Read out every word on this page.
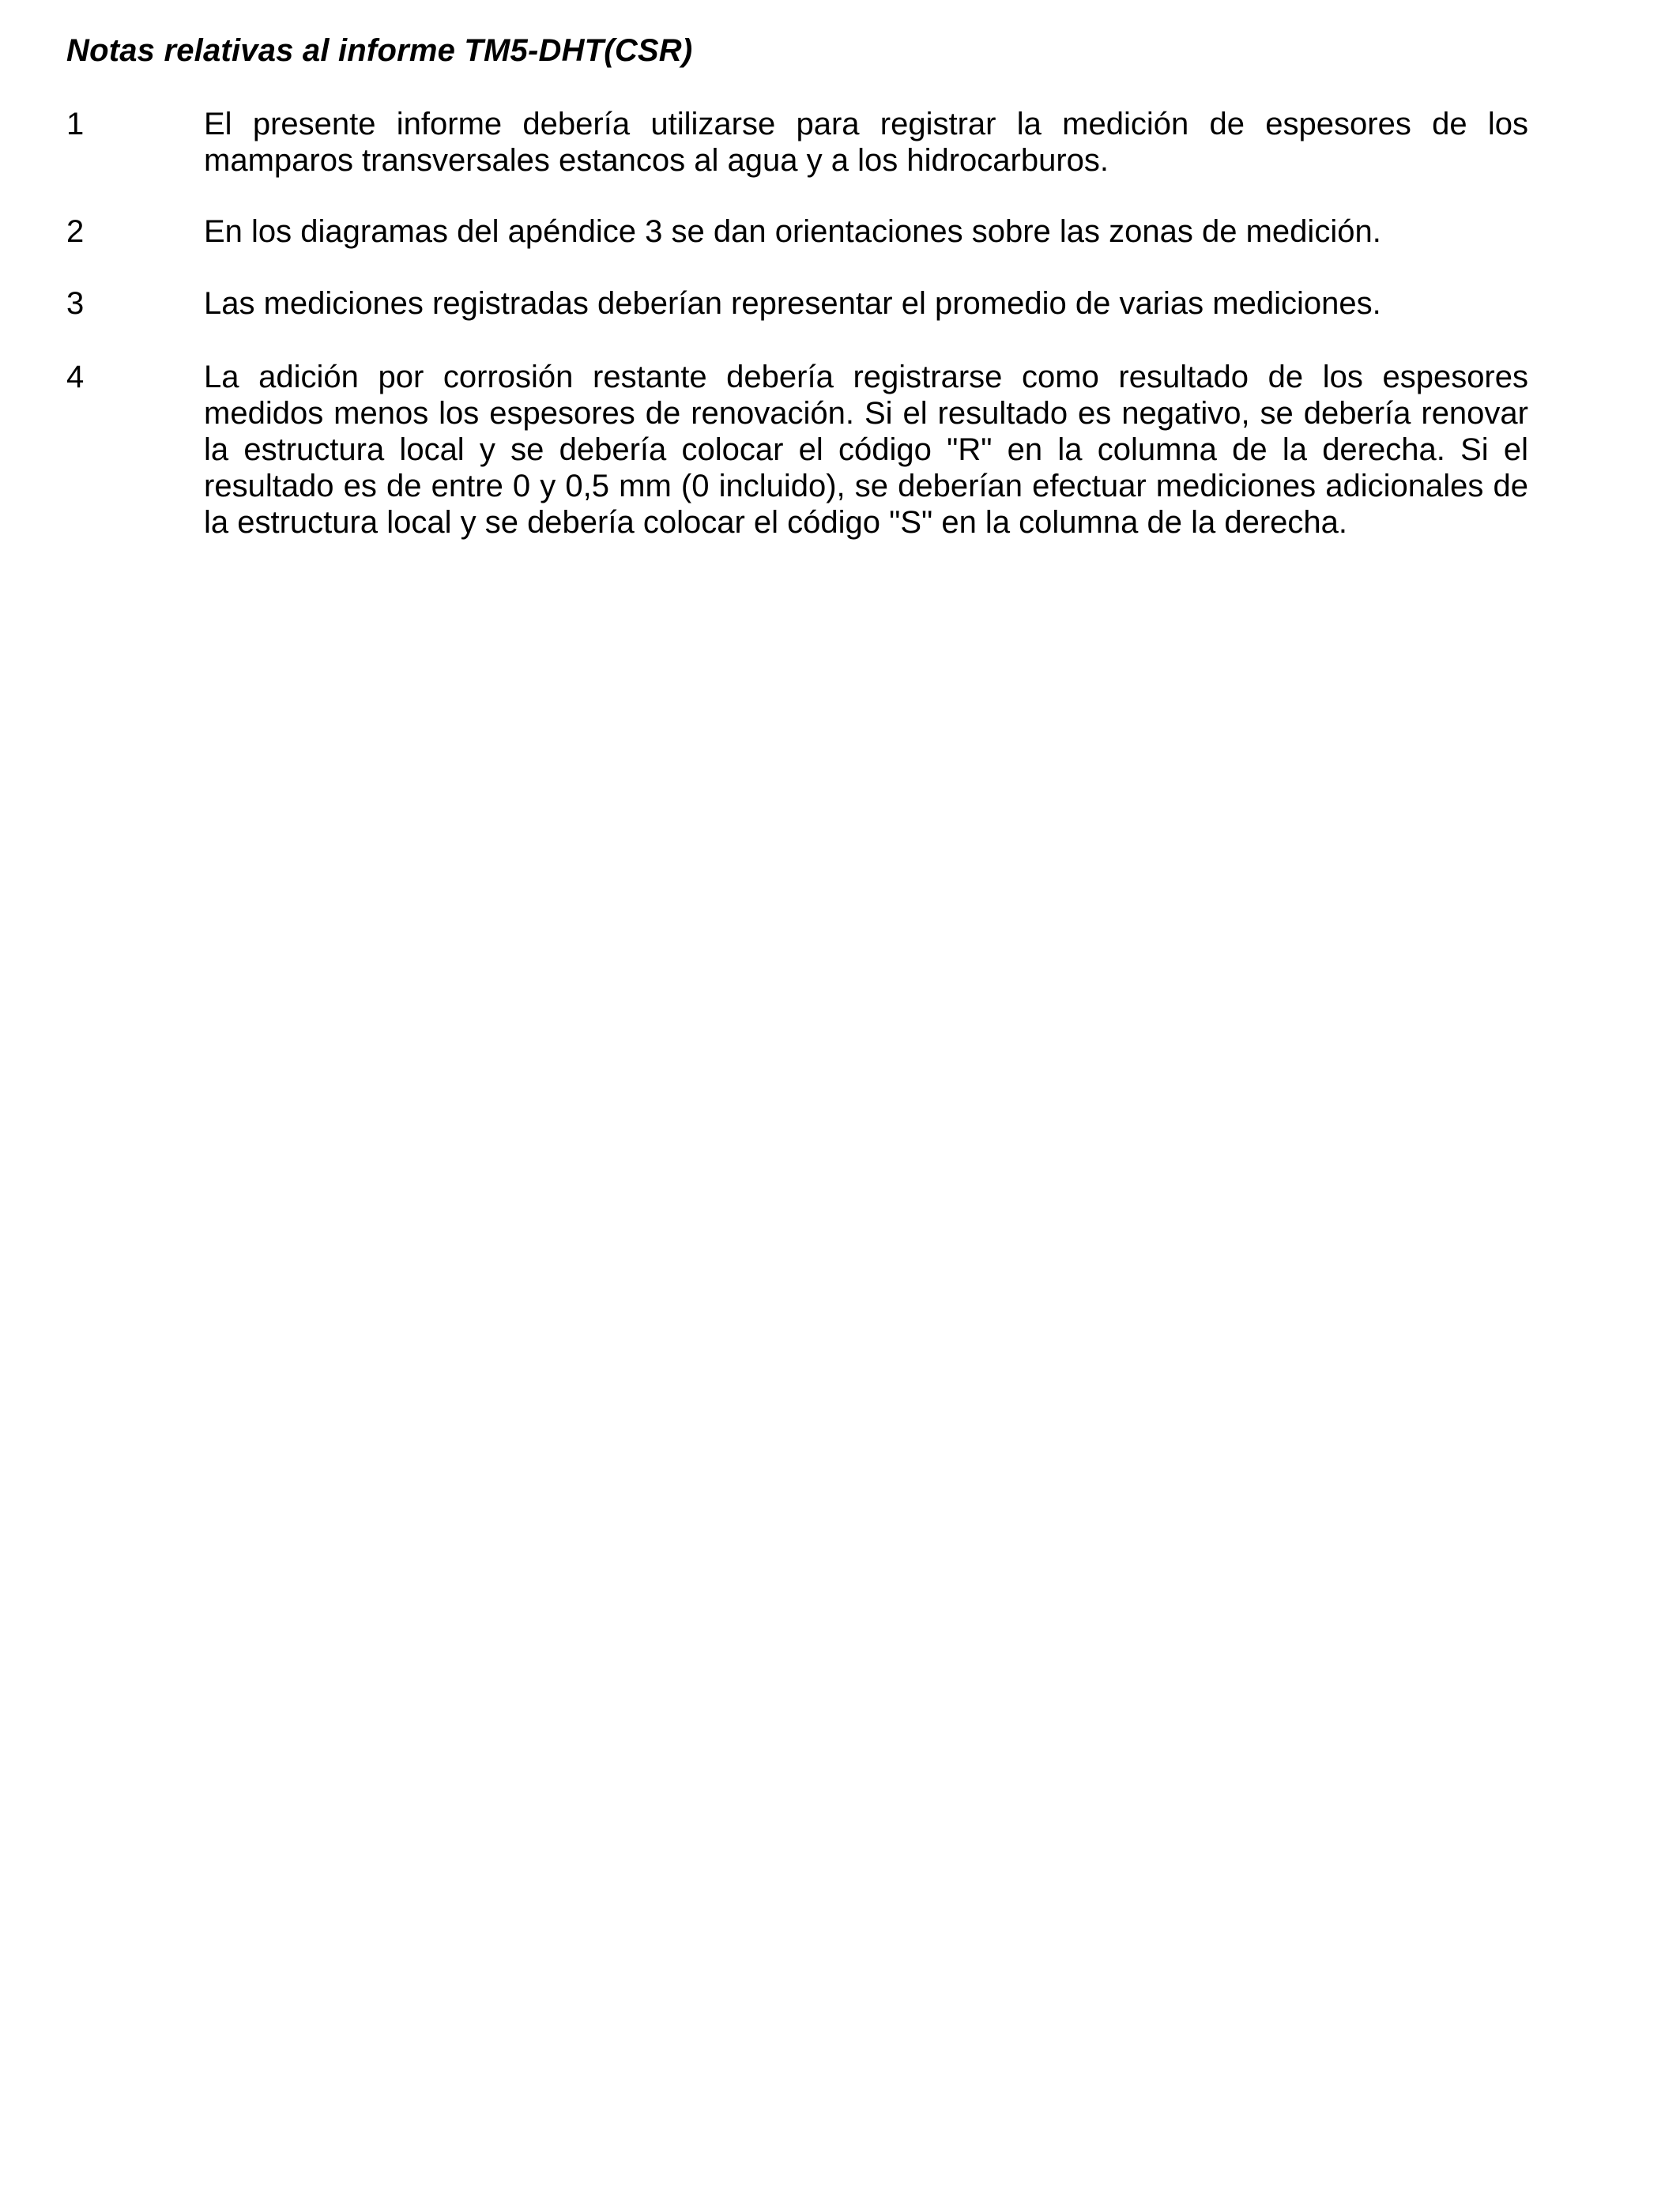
Notas relativas al informe TM5-DHT(CSR)
1	El presente informe debería utilizarse para registrar la medición de espesores de los mamparos transversales estancos al agua y a los hidrocarburos.
2	En los diagramas del apéndice 3 se dan orientaciones sobre las zonas de medición.
3	Las mediciones registradas deberían representar el promedio de varias mediciones.
4	La adición por corrosión restante debería registrarse como resultado de los espesores medidos menos los espesores de renovación. Si el resultado es negativo, se debería renovar la estructura local y se debería colocar el código "R" en la columna de la derecha. Si el resultado es de entre 0 y 0,5 mm (0 incluido), se deberían efectuar mediciones adicionales de la estructura local y se debería colocar el código "S" en la columna de la derecha.
